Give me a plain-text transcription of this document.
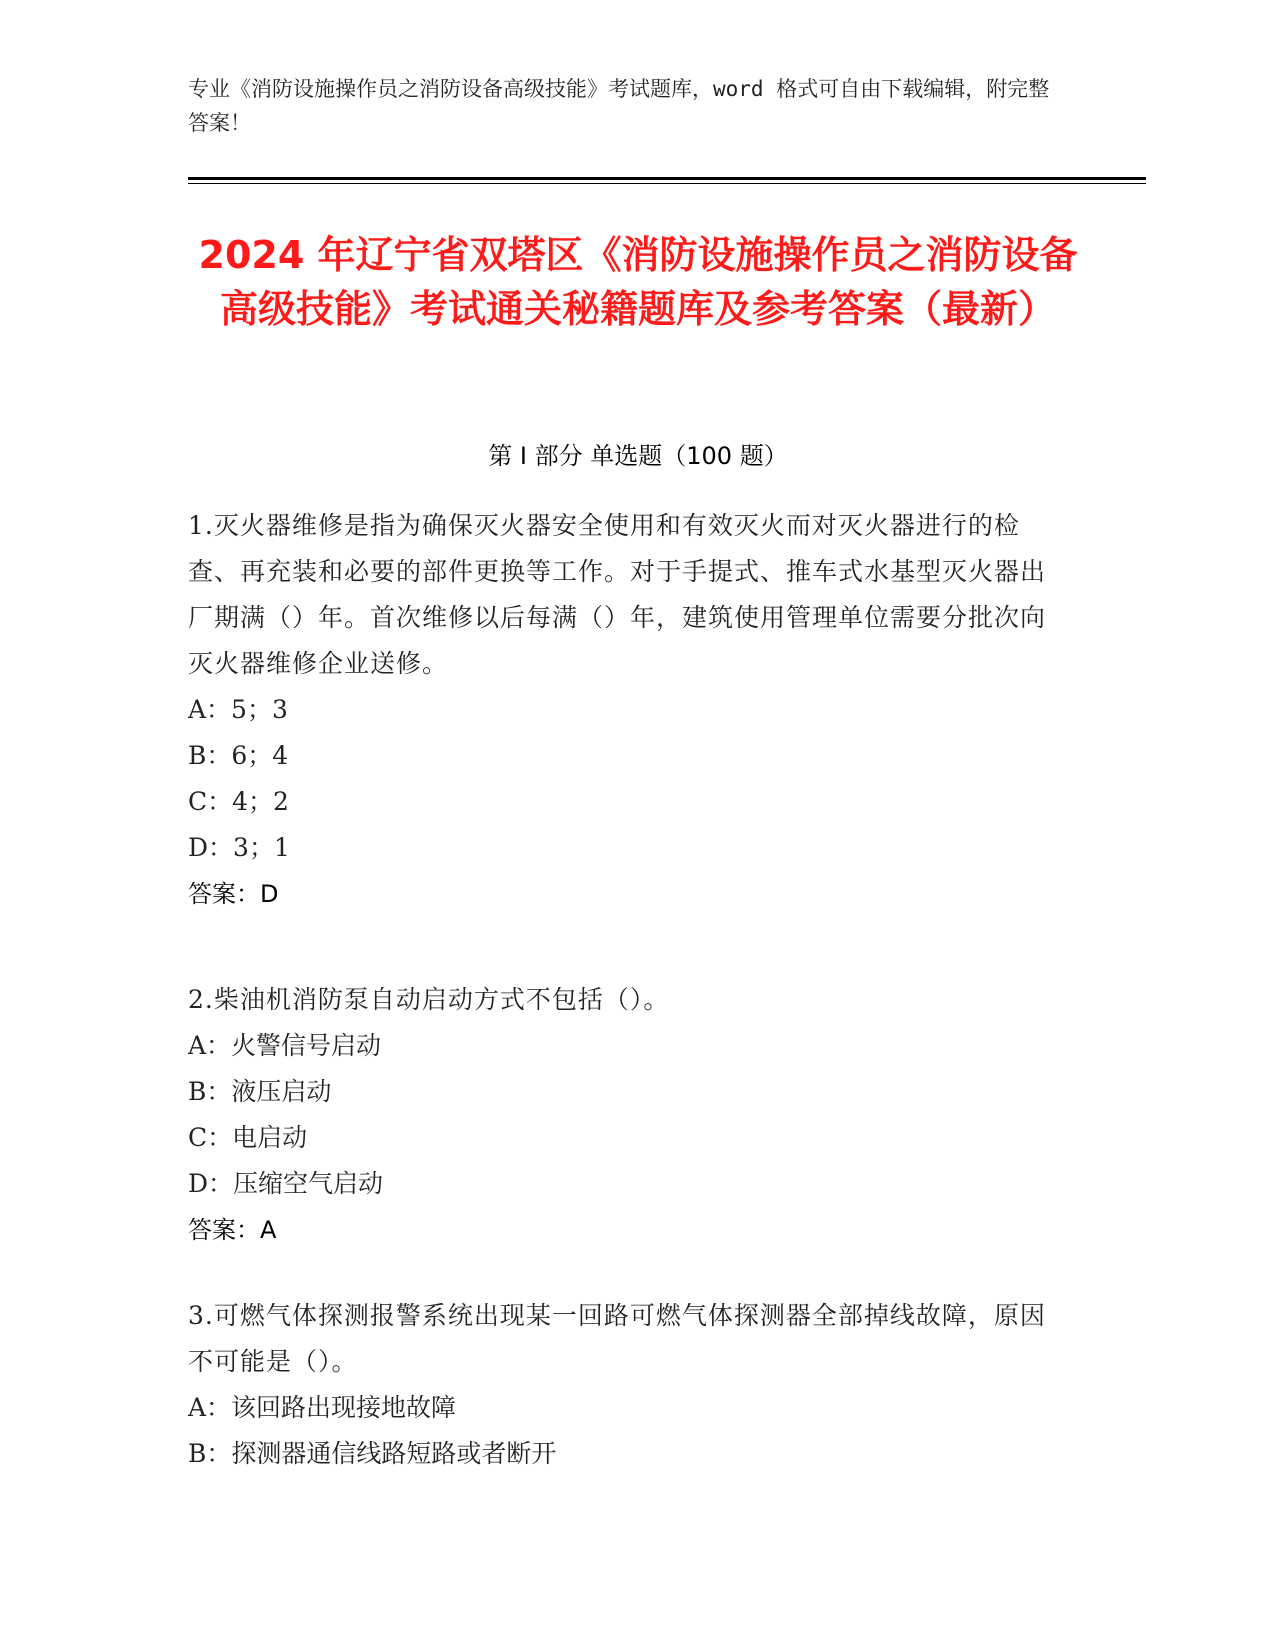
专业《消防设施操作员之消防设备高级技能》考试题库，word 格式可自由下载编辑，附完整答案！
2024 年辽宁省双塔区《消防设施操作员之消防设备高级技能》考试通关秘籍题库及参考答案（最新）
第 I 部分 单选题（100 题）
1.灭火器维修是指为确保灭火器安全使用和有效灭火而对灭火器进行的检查、再充装和必要的部件更换等工作。对于手提式、推车式水基型灭火器出厂期满（）年。首次维修以后每满（）年，建筑使用管理单位需要分批次向灭火器维修企业送修。
A：5；3
B：6；4
C：4；2
D：3；1
答案：D
2.柴油机消防泵自动启动方式不包括（）。
A：火警信号启动
B：液压启动
C：电启动
D：压缩空气启动
答案：A
3.可燃气体探测报警系统出现某一回路可燃气体探测器全部掉线故障，原因不可能是（）。
A：该回路出现接地故障
B：探测器通信线路短路或者断开
